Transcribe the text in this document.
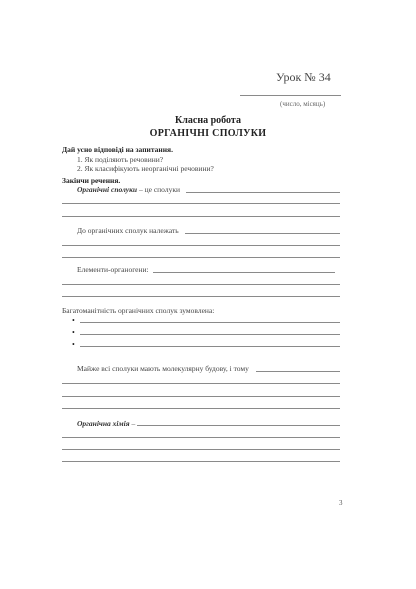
Урок № 34
(число, місяць)
Класна робота
ОРГАНІЧНІ СПОЛУКИ
Дай усно відповіді на запитання.
1. Як поділяють речовини?
2. Як класифікують неорганічні речовини?
Закінчи речення.
Органічні сполуки – це сполуки
До органічних сполук належать
Елементи-органогени:
Багатоманітність органічних сполук зумовлена:
•
•
•
Майже всі сполуки мають молекулярну будову, і тому
Органічна хімія –
3
